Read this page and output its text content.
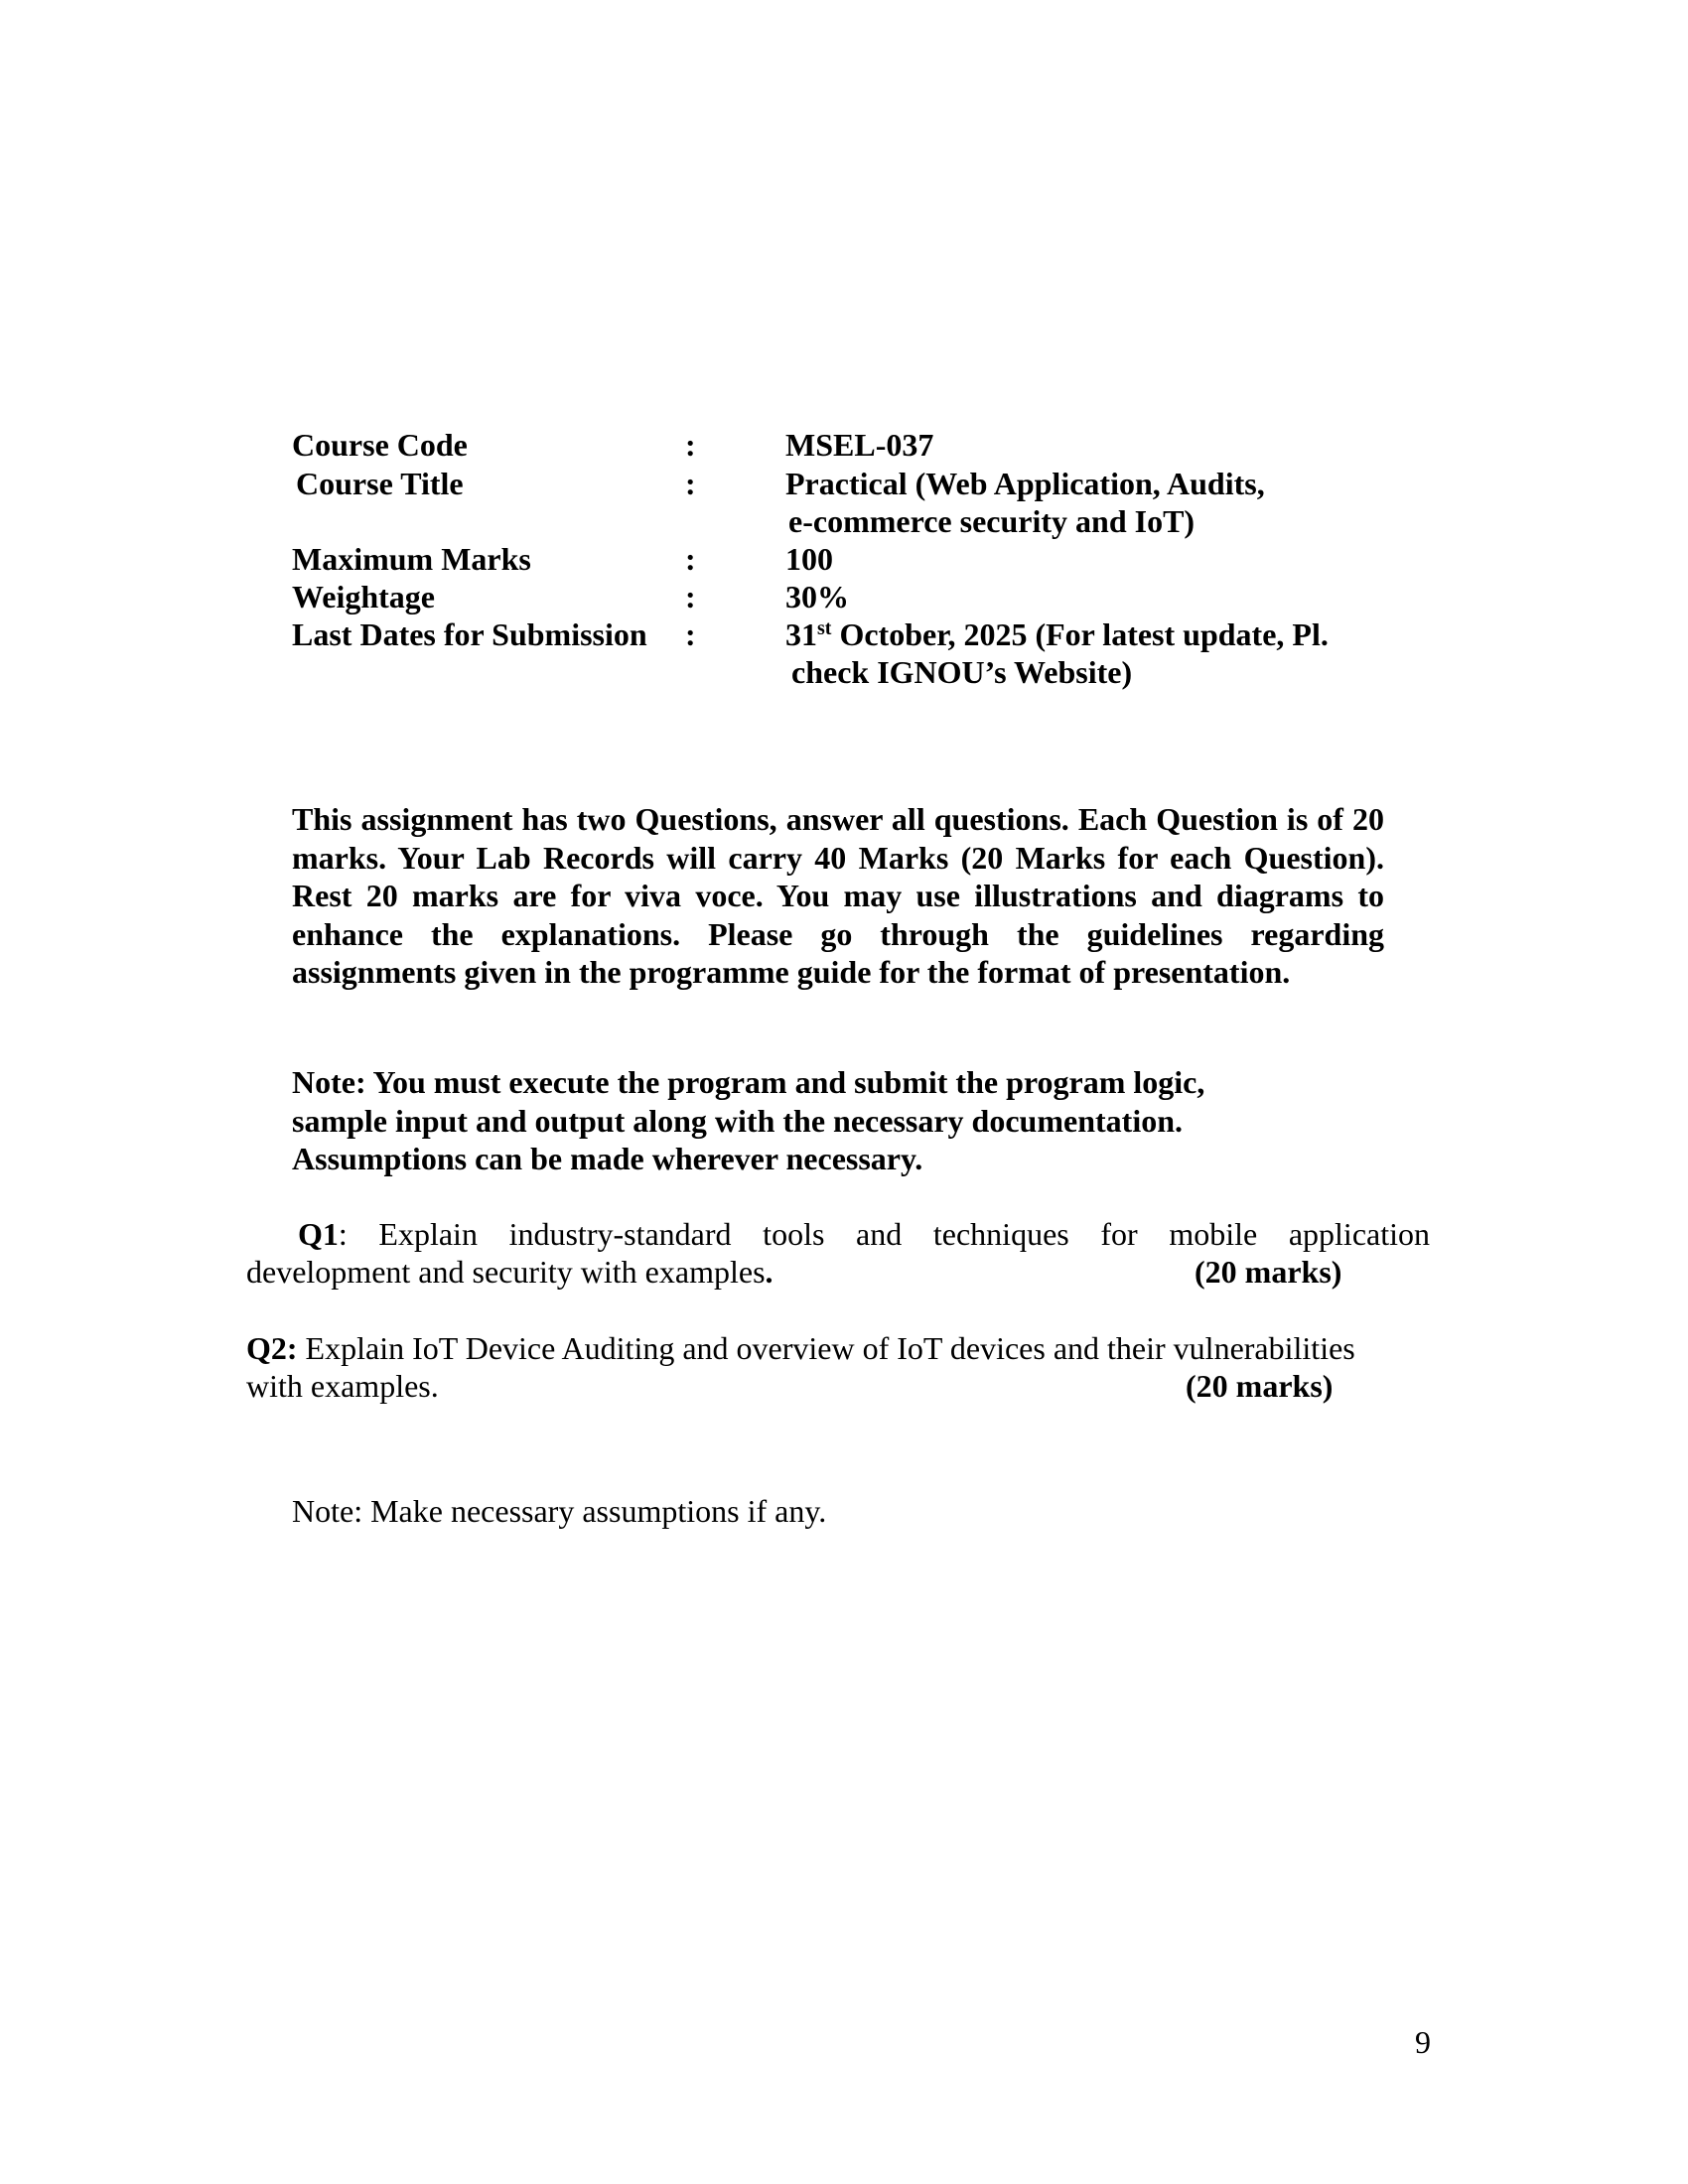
Course Code	:	MSEL-037
Course Title	:	Practical (Web Application, Audits,
e-commerce security and IoT)
Maximum Marks	:	100
Weightage	:	30%
Last Dates for Submission :	31st October, 2025 (For latest update, Pl.
check IGNOU’s Website)
This assignment has two Questions, answer all questions. Each Question is of 20 marks. Your Lab Records will carry 40 Marks (20 Marks for each Question). Rest 20 marks are for viva voce. You may use illustrations and diagrams to enhance the explanations. Please go through the guidelines regarding assignments given in the programme guide for the format of presentation.
Note: You must execute the program and submit the program logic,
sample input and output along with the necessary documentation.
Assumptions can be made wherever necessary.
Q1: Explain industry-standard tools and techniques for mobile application
development and security with examples.	(20 marks)
Q2: Explain IoT Device Auditing and overview of IoT devices and their vulnerabilities
with examples.	(20 marks)
Note: Make necessary assumptions if any.
9
